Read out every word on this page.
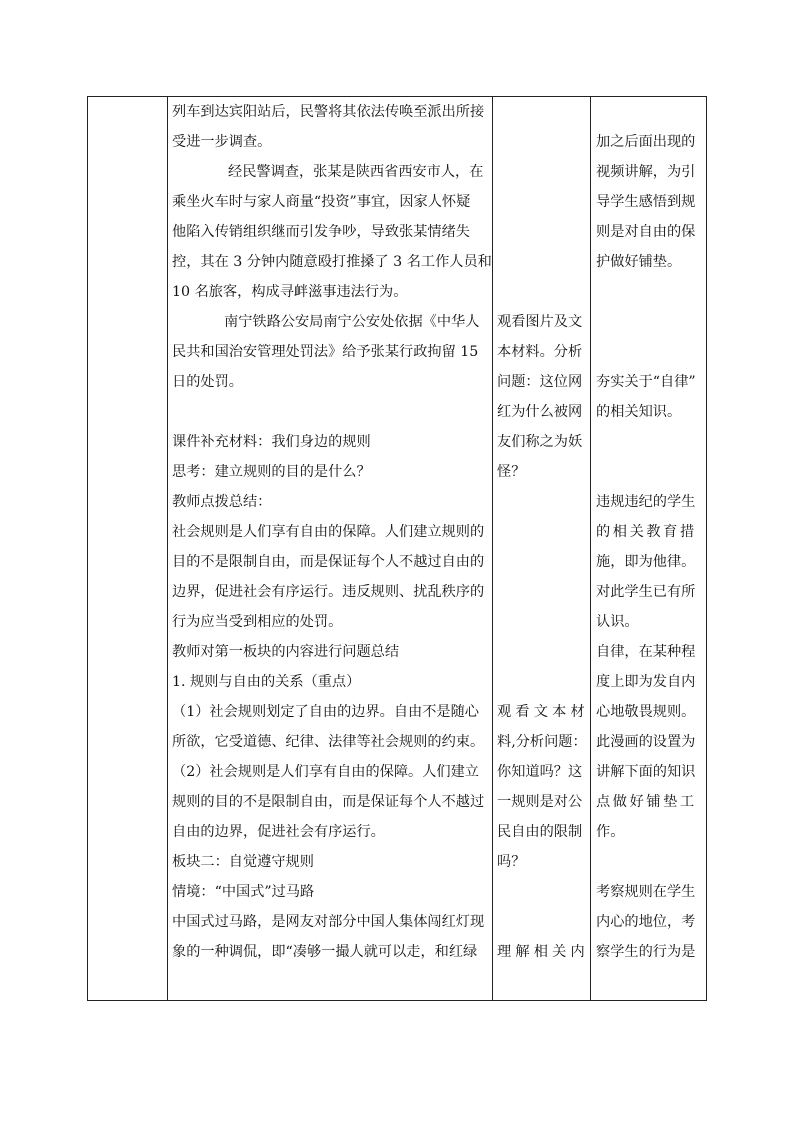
列车到达宾阳站后，民警将其依法传唤至派出所接

受进一步调查。

经民警调查，张某是陕西省西安市人，在

乘坐火车时与家人商量“投资”事宜，因家人怀疑

他陷入传销组织继而引发争吵，导致张某情绪失

控，其在 3 分钟内随意殴打推搡了 3 名工作人员和

10 名旅客，构成寻衅滋事违法行为。

南宁铁路公安局南宁公安处依据《中华人

民共和国治安管理处罚法》给予张某行政拘留 15

日的处罚。

课件补充材料：我们身边的规则

思考：建立规则的目的是什么？

教师点拨总结：

社会规则是人们享有自由的保障。人们建立规则的

目的不是限制自由，而是保证每个人不越过自由的

边界，促进社会有序运行。违反规则、扰乱秩序的

行为应当受到相应的处罚。

教师对第一板块的内容进行问题总结

1. 规则与自由的关系（重点）

（1）社会规则划定了自由的边界。自由不是随心

所欲，它受道德、纪律、法律等社会规则的约束。

（2）社会规则是人们享有自由的保障。人们建立

规则的目的不是限制自由，而是保证每个人不越过

自由的边界，促进社会有序运行。

板块二：自觉遵守规则

情境：“中国式”过马路

中国式过马路，是网友对部分中国人集体闯红灯现

象的一种调侃，即“凑够一撮人就可以走，和红绿

观看图片及文

本材料。分析

问题：这位网

红为什么被网

友们称之为妖

怪？

观看文本材

料,分析问题：

你知道吗？这

一规则是对公

民自由的限制

吗？

理解相关内

加之后面出现的

视频讲解，为引

导学生感悟到规

则是对自由的保

护做好铺垫。

夯实关于“自律”

的相关知识。

违规违纪的学生

的相关教育措

施，即为他律。

对此学生已有所

认识。

自律，在某种程

度上即为发自内

心地敬畏规则。

此漫画的设置为

讲解下面的知识

点做好铺垫工

作。

考察规则在学生

内心的地位，考

察学生的行为是
